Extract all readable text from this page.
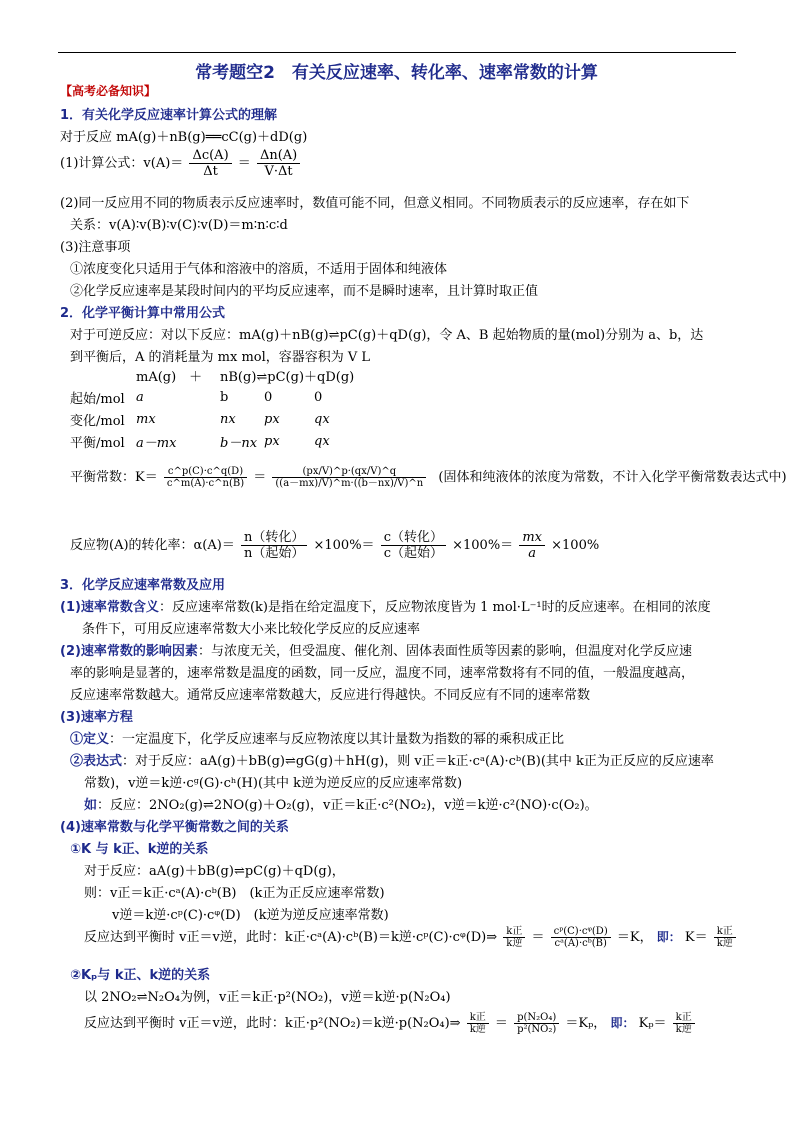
常考题空2　有关反应速率、转化率、速率常数的计算
【高考必备知识】
1．有关化学反应速率计算公式的理解
对于反应 mA(g)＋nB(g)══cC(g)＋dD(g)
(1)计算公式：$v(A)= \frac{\Delta c(A)}{\Delta t} = \frac{\Delta n(A)}{V\cdot\Delta t}$
(2)同一反应用不同的物质表示反应速率时，数值可能不同，但意义相同。不同物质表示的反应速率，存在如下
关系：v(A)∶v(B)∶v(C)∶v(D)＝m∶n∶c∶d
(3)注意事项
①浓度变化只适用于气体和溶液中的溶质，不适用于固体和纯液体
②化学反应速率是某段时间内的平均反应速率，而不是瞬时速率，且计算时取正值
2．化学平衡计算中常用公式
对于可逆反应：对以下反应：mA(g)＋nB(g)⇌pC(g)＋qD(g)，令 A、B 起始物质的量(mol)分别为 a、b，达
到平衡后，A 的消耗量为 mx mol，容器容积为 V L
	mA(g)　＋	nB(g)⇌pC(g)＋qD(g)		
起始/mol	a	b	0	0
变化/mol	mx	nx	px	qx
平衡/mol	a－mx	b－nx	px	qx
平衡常数：$K= \frac{c\^{}p(C)\cdot c\^{}q(D)}{c\^{}m(A)\cdot c\^{}n(B)} = \frac{(px/V)\^{}p\cdot(qx/V)\^{}q}{((a-mx)/V)\^{}m\cdot((b-nx)/V)\^{}n}$ (固体和纯液体的浓度为常数，不计入化学平衡常数表达式中)
反应物(A)的转化率：$\alpha(A)= \frac{\text{n（转化）}}{\text{n（起始）}} \times 100\%= \frac{\text{c（转化）}}{\text{c（起始）}} \times 100\%= \frac{mx}{a} \times 100\%$
3．化学反应速率常数及应用
(1)速率常数含义：反应速率常数(k)是指在给定温度下，反应物浓度皆为 1 mol·L⁻¹时的反应速率。在相同的浓度
条件下，可用反应速率常数大小来比较化学反应的反应速率
(2)速率常数的影响因素：与浓度无关，但受温度、催化剂、固体表面性质等因素的影响，但温度对化学反应速
率的影响是显著的，速率常数是温度的函数，同一反应，温度不同，速率常数将有不同的值，一般温度越高，
反应速率常数越大。通常反应速率常数越大，反应进行得越快。不同反应有不同的速率常数
(3)速率方程
①定义：一定温度下，化学反应速率与反应物浓度以其计量数为指数的幂的乘积成正比
②表达式：对于反应：aA(g)＋bB(g)⇌gG(g)＋hH(g)，则 v正＝k正·cᵃ(A)·cᵇ(B)(其中 k正为正反应的反应速率
常数)，v逆＝k逆·cᵍ(G)·cʰ(H)(其中 k逆为逆反应的反应速率常数)
如：反应：2NO₂(g)⇌2NO(g)＋O₂(g)，v正＝k正·c²(NO₂)，v逆＝k逆·c²(NO)·c(O₂)。
(4)速率常数与化学平衡常数之间的关系
①K 与 k正、k逆的关系
对于反应：aA(g)＋bB(g)⇌pC(g)＋qD(g)，
则：v正＝k正·cᵃ(A)·cᵇ(B)　(k正为正反应速率常数)
v逆＝k逆·cᵖ(C)·cᵠ(D)　(k逆为逆反应速率常数)
反应达到平衡时 v正＝v逆，此时：k正·cᵃ(A)·cᵇ(B)＝k逆·cᵖ(C)·cᵠ(D)⇒ $\frac{\text{k正}}{\text{k逆}} = \frac{\text{cᵖ(C)·cᵠ(D)}}{\text{cᵃ(A)·cᵇ(B)}} =K$， 即： $K= \frac{\text{k正}}{\text{k逆}}$
②Kₚ与 k正、k逆的关系
以 2NO₂⇌N₂O₄为例，v正＝k正·p²(NO₂)，v逆＝k逆·p(N₂O₄)
反应达到平衡时 v正＝v逆，此时：k正·p²(NO₂)＝k逆·p(N₂O₄)⇒ $\frac{\text{k正}}{\text{k逆}} = \frac{\text{p(N₂O₄)}}{\text{p²(NO₂)}} =K_p$， 即： $K_p= \frac{\text{k正}}{\text{k逆}}$
